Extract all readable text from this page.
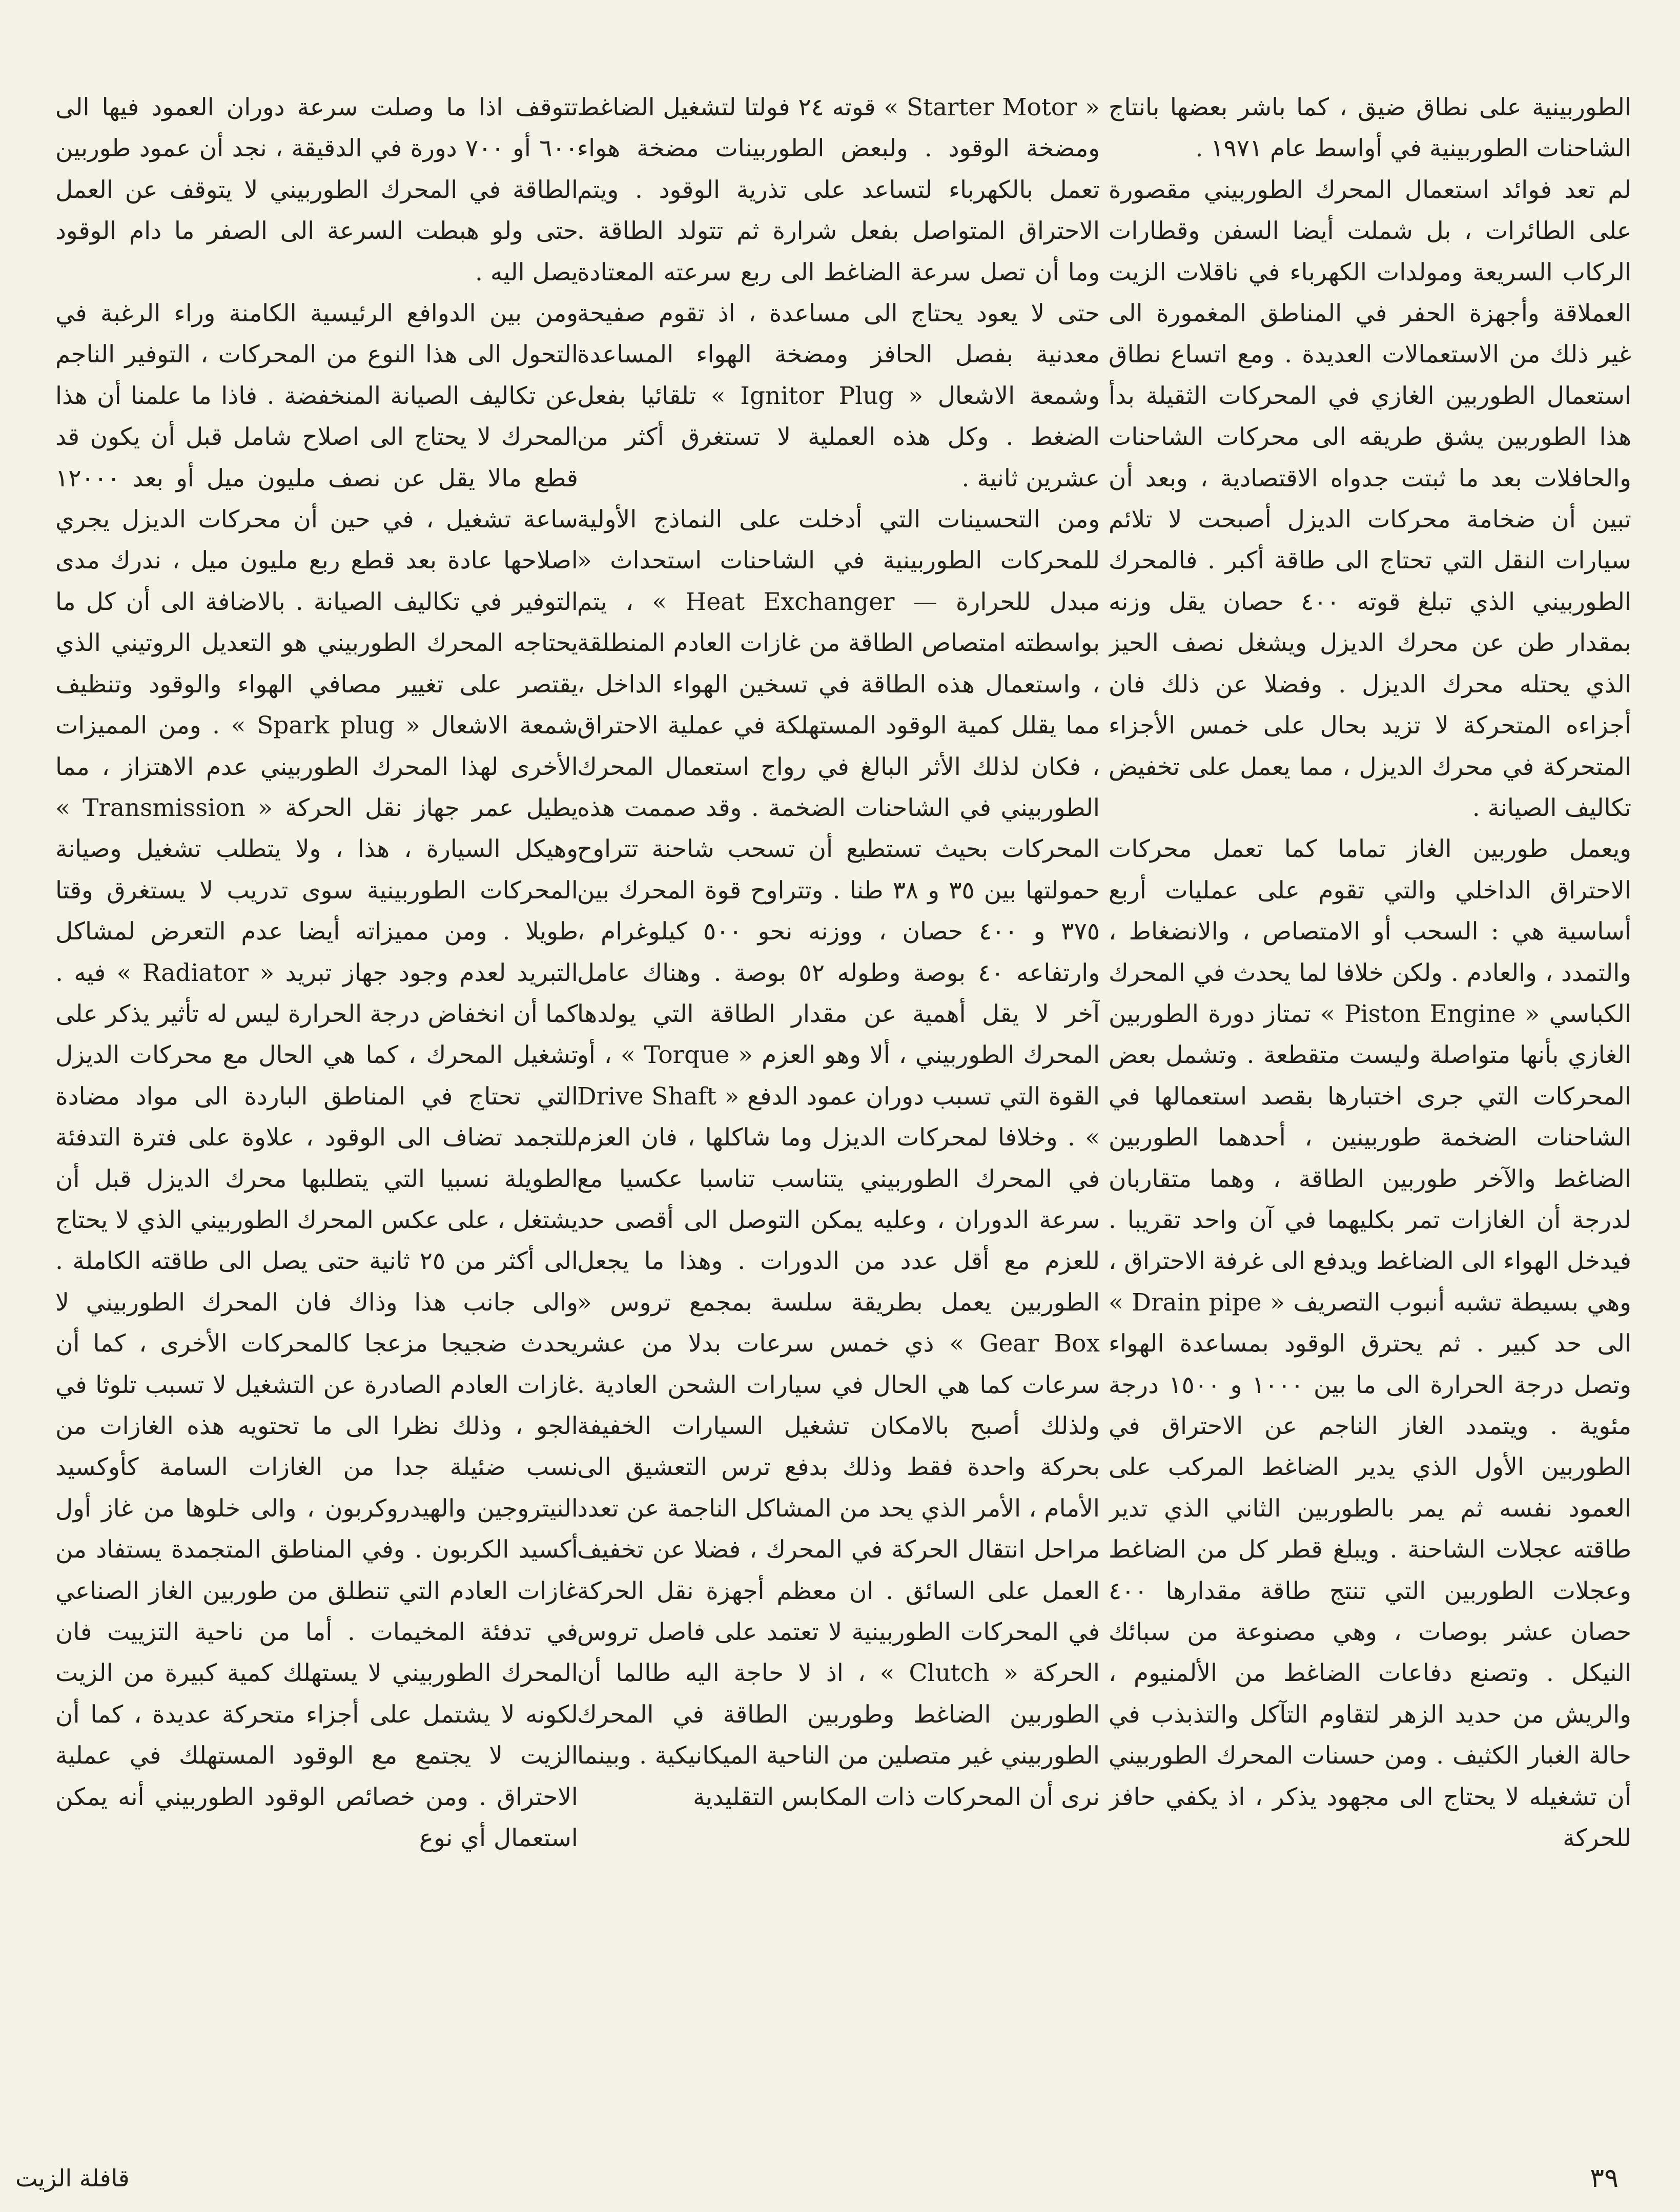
الطوربينية على نطاق ضيق ، كما باشر بعضها بانتاج الشاحنات الطوربينية في أواسط عام ١٩٧١ .

لم تعد فوائد استعمال المحرك الطوربيني مقصورة على الطائرات ، بل شملت أيضا السفن وقطارات الركاب السريعة ومولدات الكهرباء في ناقلات الزيت العملاقة وأجهزة الحفر في المناطق المغمورة الى غير ذلك من الاستعمالات العديدة . ومع اتساع نطاق استعمال الطوربين الغازي في المحركات الثقيلة بدأ هذا الطوربين يشق طريقه الى محركات الشاحنات والحافلات بعد ما ثبتت جدواه الاقتصادية ، وبعد أن تبين أن ضخامة محركات الديزل أصبحت لا تلائم سيارات النقل التي تحتاج الى طاقة أكبر . فالمحرك الطوربيني الذي تبلغ قوته ٤٠٠ حصان يقل وزنه بمقدار طن عن محرك الديزل ويشغل نصف الحيز الذي يحتله محرك الديزل . وفضلا عن ذلك فان أجزاءه المتحركة لا تزيد بحال على خمس الأجزاء المتحركة في محرك الديزل ، مما يعمل على تخفيض تكاليف الصيانة .

ويعمل طوربين الغاز تماما كما تعمل محركات الاحتراق الداخلي والتي تقوم على عمليات أربع أساسية هي : السحب أو الامتصاص ، والانضغاط ، والتمدد ، والعادم . ولكن خلافا لما يحدث في المحرك الكباسي « Piston Engine » تمتاز دورة الطوربين الغازي بأنها متواصلة وليست متقطعة . وتشمل بعض المحركات التي جرى اختبارها بقصد استعمالها في الشاحنات الضخمة طوربينين ، أحدهما الطوربين الضاغط والآخر طوربين الطاقة ، وهما متقاربان لدرجة أن الغازات تمر بكليهما في آن واحد تقريبا . فيدخل الهواء الى الضاغط ويدفع الى غرفة الاحتراق ، وهي بسيطة تشبه أنبوب التصريف « Drain pipe » الى حد كبير . ثم يحترق الوقود بمساعدة الهواء وتصل درجة الحرارة الى ما بين ١٠٠٠ و ١٥٠٠ درجة مئوية . ويتمدد الغاز الناجم عن الاحتراق في الطوربين الأول الذي يدير الضاغط المركب على العمود نفسه ثم يمر بالطوربين الثاني الذي تدير طاقته عجلات الشاحنة . ويبلغ قطر كل من الضاغط وعجلات الطوربين التي تنتج طاقة مقدارها ٤٠٠ حصان عشر بوصات ، وهي مصنوعة من سبائك النيكل . وتصنع دفاعات الضاغط من الألمنيوم ، والريش من حديد الزهر لتقاوم التآكل والتذبذب في حالة الغبار الكثيف . ومن حسنات المحرك الطوربيني أن تشغيله لا يحتاج الى مجهود يذكر ، اذ يكفي حافز للحركة

« Starter Motor » قوته ٢٤ فولتا لتشغيل الضاغط ومضخة الوقود . ولبعض الطوربينات مضخة هواء تعمل بالكهرباء لتساعد على تذرية الوقود . ويتم الاحتراق المتواصل بفعل شرارة ثم تتولد الطاقة . وما أن تصل سرعة الضاغط الى ربع سرعته المعتادة حتى لا يعود يحتاج الى مساعدة ، اذ تقوم صفيحة معدنية بفصل الحافز ومضخة الهواء المساعدة وشمعة الاشعال « Ignitor Plug » تلقائيا بفعل الضغط . وكل هذه العملية لا تستغرق أكثر من عشرين ثانية .

ومن التحسينات التي أدخلت على النماذج الأولية للمحركات الطوربينية في الشاحنات استحداث « مبدل للحرارة — Heat Exchanger » ، يتم بواسطته امتصاص الطاقة من غازات العادم المنطلقة ، واستعمال هذه الطاقة في تسخين الهواء الداخل ، مما يقلل كمية الوقود المستهلكة في عملية الاحتراق ، فكان لذلك الأثر البالغ في رواج استعمال المحرك الطوربيني في الشاحنات الضخمة . وقد صممت هذه المحركات بحيث تستطيع أن تسحب شاحنة تتراوح حمولتها بين ٣٥ و ٣٨ طنا . وتتراوح قوة المحرك بين ٣٧٥ و ٤٠٠ حصان ، ووزنه نحو ٥٠٠ كيلوغرام ، وارتفاعه ٤٠ بوصة وطوله ٥٢ بوصة . وهناك عامل آخر لا يقل أهمية عن مقدار الطاقة التي يولدها المحرك الطوربيني ، ألا وهو العزم « Torque » ، أو القوة التي تسبب دوران عمود الدفع « Drive Shaft » . وخلافا لمحركات الديزل وما شاكلها ، فان العزم في المحرك الطوربيني يتناسب تناسبا عكسيا مع سرعة الدوران ، وعليه يمكن التوصل الى أقصى حد للعزم مع أقل عدد من الدورات . وهذا ما يجعل الطوربين يعمل بطريقة سلسة بمجمع تروس « Gear Box » ذي خمس سرعات بدلا من عشر سرعات كما هي الحال في سيارات الشحن العادية . ولذلك أصبح بالامكان تشغيل السيارات الخفيفة بحركة واحدة فقط وذلك بدفع ترس التعشيق الى الأمام ، الأمر الذي يحد من المشاكل الناجمة عن تعدد مراحل انتقال الحركة في المحرك ، فضلا عن تخفيف العمل على السائق . ان معظم أجهزة نقل الحركة في المحركات الطوربينية لا تعتمد على فاصل تروس الحركة « Clutch » ، اذ لا حاجة اليه طالما أن الطوربين الضاغط وطوربين الطاقة في المحرك الطوربيني غير متصلين من الناحية الميكانيكية . وبينما نرى أن المحركات ذات المكابس التقليدية

تتوقف اذا ما وصلت سرعة دوران العمود فيها الى ٦٠٠ أو ٧٠٠ دورة في الدقيقة ، نجد أن عمود طوربين الطاقة في المحرك الطوربيني لا يتوقف عن العمل حتى ولو هبطت السرعة الى الصفر ما دام الوقود يصل اليه .

ومن بين الدوافع الرئيسية الكامنة وراء الرغبة في التحول الى هذا النوع من المحركات ، التوفير الناجم عن تكاليف الصيانة المنخفضة . فاذا ما علمنا أن هذا المحرك لا يحتاج الى اصلاح شامل قبل أن يكون قد قطع مالا يقل عن نصف مليون ميل أو بعد ١٢٠٠٠ ساعة تشغيل ، في حين أن محركات الديزل يجري اصلاحها عادة بعد قطع ربع مليون ميل ، ندرك مدى التوفير في تكاليف الصيانة . بالاضافة الى أن كل ما يحتاجه المحرك الطوربيني هو التعديل الروتيني الذي يقتصر على تغيير مصافي الهواء والوقود وتنظيف شمعة الاشعال « Spark plug » . ومن المميزات الأخرى لهذا المحرك الطوربيني عدم الاهتزاز ، مما يطيل عمر جهاز نقل الحركة « Transmission » وهيكل السيارة ، هذا ، ولا يتطلب تشغيل وصيانة المحركات الطوربينية سوى تدريب لا يستغرق وقتا طويلا . ومن مميزاته أيضا عدم التعرض لمشاكل التبريد لعدم وجود جهاز تبريد « Radiator » فيه . كما أن انخفاض درجة الحرارة ليس له تأثير يذكر على تشغيل المحرك ، كما هي الحال مع محركات الديزل التي تحتاج في المناطق الباردة الى مواد مضادة للتجمد تضاف الى الوقود ، علاوة على فترة التدفئة الطويلة نسبيا التي يتطلبها محرك الديزل قبل أن يشتغل ، على عكس المحرك الطوربيني الذي لا يحتاج الى أكثر من ٢٥ ثانية حتى يصل الى طاقته الكاملة . والى جانب هذا وذاك فان المحرك الطوربيني لا يحدث ضجيجا مزعجا كالمحركات الأخرى ، كما أن غازات العادم الصادرة عن التشغيل لا تسبب تلوثا في الجو ، وذلك نظرا الى ما تحتويه هذه الغازات من نسب ضئيلة جدا من الغازات السامة كأوكسيد النيتروجين والهيدروكربون ، والى خلوها من غاز أول أكسيد الكربون . وفي المناطق المتجمدة يستفاد من غازات العادم التي تنطلق من طوربين الغاز الصناعي في تدفئة المخيمات . أما من ناحية التزييت فان المحرك الطوربيني لا يستهلك كمية كبيرة من الزيت لكونه لا يشتمل على أجزاء متحركة عديدة ، كما أن الزيت لا يجتمع مع الوقود المستهلك في عملية الاحتراق . ومن خصائص الوقود الطوربيني أنه يمكن استعمال أي نوع

٣٩
قافلة الزيت
